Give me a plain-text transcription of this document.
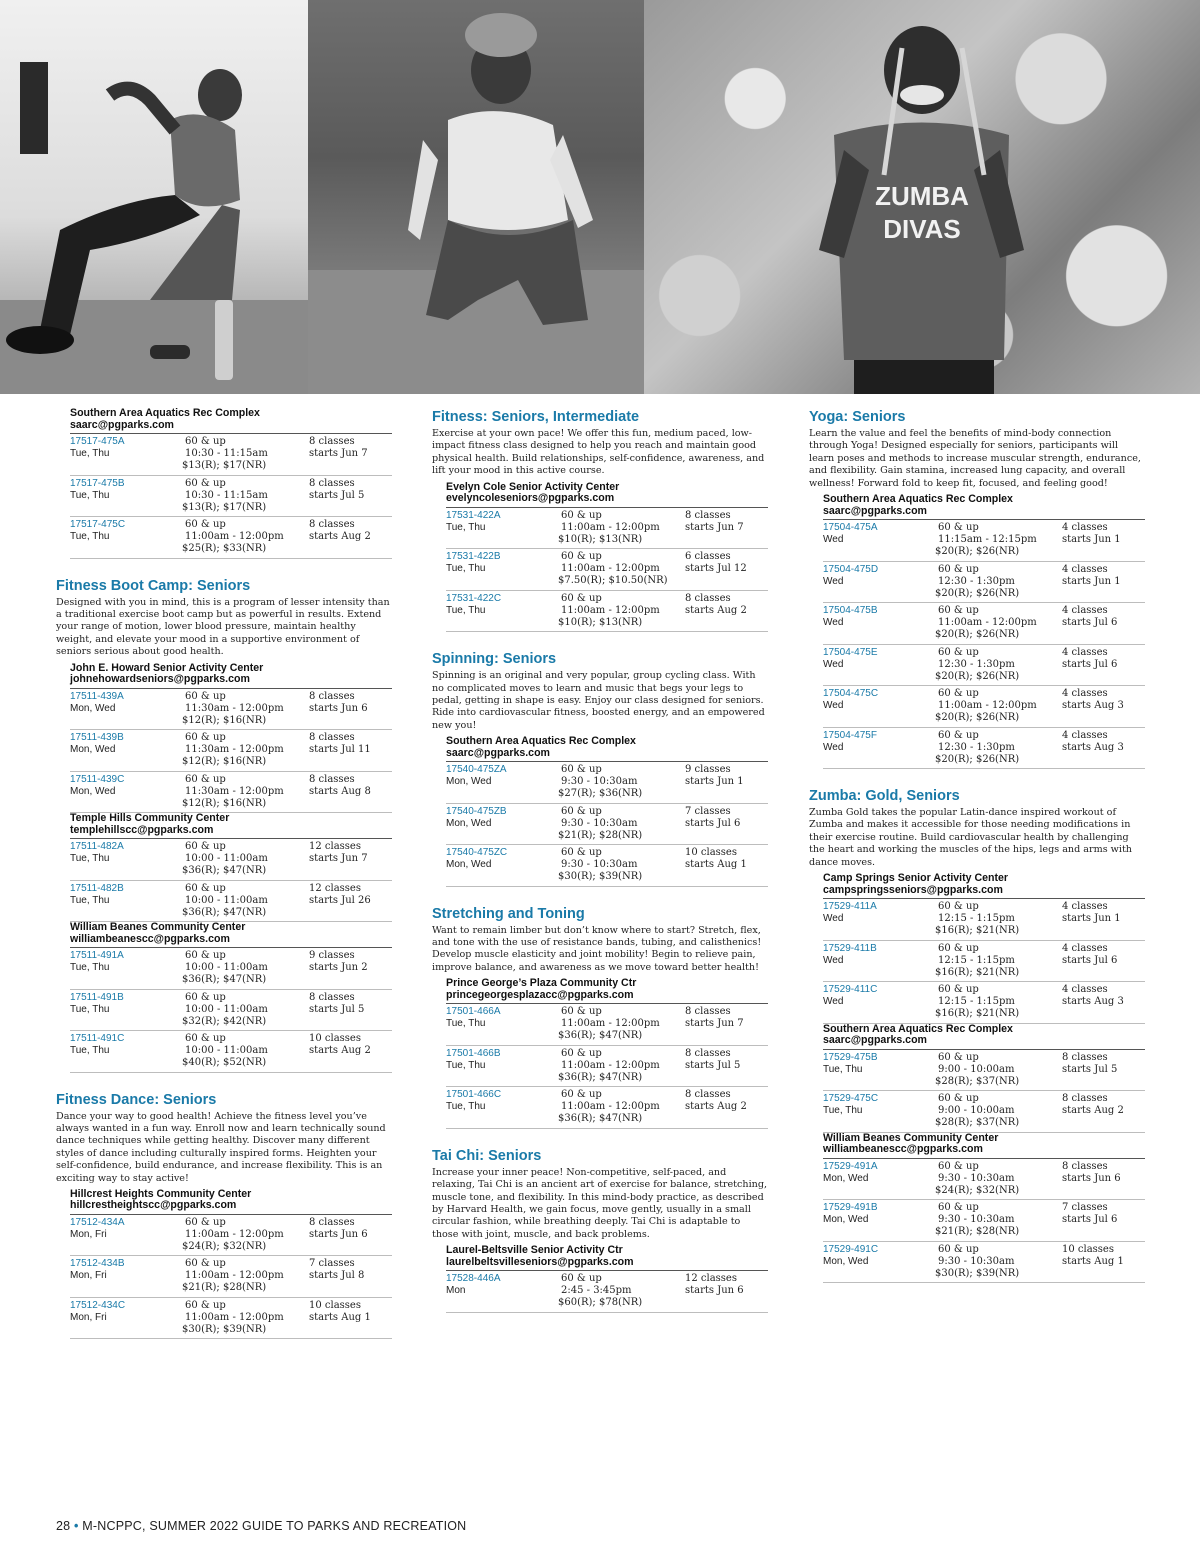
ZUMBA
DIVAS
Southern Area Aquatics Rec Complex
saarc@pgparks.com
17517-475A
Tue, Thu
60 & up
10:30 - 11:15am
$13(R); $17(NR)
8 classes
starts Jun 7
17517-475B
Tue, Thu
60 & up
10:30 - 11:15am
$13(R); $17(NR)
8 classes
starts Jul 5
17517-475C
Tue, Thu
60 & up
11:00am - 12:00pm
$25(R); $33(NR)
8 classes
starts Aug 2
Fitness Boot Camp: Seniors
Designed with you in mind, this is a program of lesser intensity than a traditional exercise boot camp but as powerful in results. Extend your range of motion, lower blood pressure, maintain healthy weight, and elevate your mood in a supportive environment of seniors serious about good health.
John E. Howard Senior Activity Center
johnehowardseniors@pgparks.com
17511-439A
Mon, Wed
60 & up
11:30am - 12:00pm
$12(R); $16(NR)
8 classes
starts Jun 6
17511-439B
Mon, Wed
60 & up
11:30am - 12:00pm
$12(R); $16(NR)
8 classes
starts Jul 11
17511-439C
Mon, Wed
60 & up
11:30am - 12:00pm
$12(R); $16(NR)
8 classes
starts Aug 8
Temple Hills Community Center
templehillscc@pgparks.com
17511-482A
Tue, Thu
60 & up
10:00 - 11:00am
$36(R); $47(NR)
12 classes
starts Jun 7
17511-482B
Tue, Thu
60 & up
10:00 - 11:00am
$36(R); $47(NR)
12 classes
starts Jul 26
William Beanes Community Center
williambeanescc@pgparks.com
17511-491A
Tue, Thu
60 & up
10:00 - 11:00am
$36(R); $47(NR)
9 classes
starts Jun 2
17511-491B
Tue, Thu
60 & up
10:00 - 11:00am
$32(R); $42(NR)
8 classes
starts Jul 5
17511-491C
Tue, Thu
60 & up
10:00 - 11:00am
$40(R); $52(NR)
10 classes
starts Aug 2
Fitness Dance: Seniors
Dance your way to good health! Achieve the fitness level you’ve always wanted in a fun way. Enroll now and learn technically sound dance techniques while getting healthy. Discover many different styles of dance including culturally inspired forms. Heighten your self-confidence, build endurance, and increase flexibility. This is an exciting way to stay active!
Hillcrest Heights Community Center
hillcrestheightscc@pgparks.com
17512-434A
Mon, Fri
60 & up
11:00am - 12:00pm
$24(R); $32(NR)
8 classes
starts Jun 6
17512-434B
Mon, Fri
60 & up
11:00am - 12:00pm
$21(R); $28(NR)
7 classes
starts Jul 8
17512-434C
Mon, Fri
60 & up
11:00am - 12:00pm
$30(R); $39(NR)
10 classes
starts Aug 1
Fitness: Seniors, Intermediate
Exercise at your own pace! We offer this fun, medium paced, low-impact fitness class designed to help you reach and maintain good physical health. Build relationships, self-confidence, awareness, and lift your mood in this active course.
Evelyn Cole Senior Activity Center
evelyncoleseniors@pgparks.com
17531-422A
Tue, Thu
60 & up
11:00am - 12:00pm
$10(R); $13(NR)
8 classes
starts Jun 7
17531-422B
Tue, Thu
60 & up
11:00am - 12:00pm
$7.50(R); $10.50(NR)
6 classes
starts Jul 12
17531-422C
Tue, Thu
60 & up
11:00am - 12:00pm
$10(R); $13(NR)
8 classes
starts Aug 2
Spinning: Seniors
Spinning is an original and very popular, group cycling class. With no complicated moves to learn and music that begs your legs to pedal, getting in shape is easy. Enjoy our class designed for seniors. Ride into cardiovascular fitness, boosted energy, and an empowered new you!
Southern Area Aquatics Rec Complex
saarc@pgparks.com
17540-475ZA
Mon, Wed
60 & up
9:30 - 10:30am
$27(R); $36(NR)
9 classes
starts Jun 1
17540-475ZB
Mon, Wed
60 & up
9:30 - 10:30am
$21(R); $28(NR)
7 classes
starts Jul 6
17540-475ZC
Mon, Wed
60 & up
9:30 - 10:30am
$30(R); $39(NR)
10 classes
starts Aug 1
Stretching and Toning
Want to remain limber but don’t know where to start? Stretch, flex, and tone with the use of resistance bands, tubing, and calisthenics! Develop muscle elasticity and joint mobility! Begin to relieve pain, improve balance, and awareness as we move toward better health!
Prince George’s Plaza Community Ctr
princegeorgesplazacc@pgparks.com
17501-466A
Tue, Thu
60 & up
11:00am - 12:00pm
$36(R); $47(NR)
8 classes
starts Jun 7
17501-466B
Tue, Thu
60 & up
11:00am - 12:00pm
$36(R); $47(NR)
8 classes
starts Jul 5
17501-466C
Tue, Thu
60 & up
11:00am - 12:00pm
$36(R); $47(NR)
8 classes
starts Aug 2
Tai Chi: Seniors
Increase your inner peace! Non-competitive, self-paced, and relaxing, Tai Chi is an ancient art of exercise for balance, stretching, muscle tone, and flexibility. In this mind-body practice, as described by Harvard Health, we gain focus, move gently, usually in a small circular fashion, while breathing deeply. Tai Chi is adaptable to those with joint, muscle, and back problems.
Laurel-Beltsville Senior Activity Ctr
laurelbeltsvilleseniors@pgparks.com
17528-446A
Mon
60 & up
2:45 - 3:45pm
$60(R); $78(NR)
12 classes
starts Jun 6
Yoga: Seniors
Learn the value and feel the benefits of mind-body connection through Yoga! Designed especially for seniors, participants will learn poses and methods to increase muscular strength, endurance, and flexibility. Gain stamina, increased lung capacity, and overall wellness! Forward fold to keep fit, focused, and feeling good!
Southern Area Aquatics Rec Complex
saarc@pgparks.com
17504-475A
Wed
60 & up
11:15am - 12:15pm
$20(R); $26(NR)
4 classes
starts Jun 1
17504-475D
Wed
60 & up
12:30 - 1:30pm
$20(R); $26(NR)
4 classes
starts Jun 1
17504-475B
Wed
60 & up
11:00am - 12:00pm
$20(R); $26(NR)
4 classes
starts Jul 6
17504-475E
Wed
60 & up
12:30 - 1:30pm
$20(R); $26(NR)
4 classes
starts Jul 6
17504-475C
Wed
60 & up
11:00am - 12:00pm
$20(R); $26(NR)
4 classes
starts Aug 3
17504-475F
Wed
60 & up
12:30 - 1:30pm
$20(R); $26(NR)
4 classes
starts Aug 3
Zumba: Gold, Seniors
Zumba Gold takes the popular Latin-dance inspired workout of Zumba and makes it accessible for those needing modifications in their exercise routine. Build cardiovascular health by challenging the heart and working the muscles of the hips, legs and arms with dance moves.
Camp Springs Senior Activity Center
campspringsseniors@pgparks.com
17529-411A
Wed
60 & up
12:15 - 1:15pm
$16(R); $21(NR)
4 classes
starts Jun 1
17529-411B
Wed
60 & up
12:15 - 1:15pm
$16(R); $21(NR)
4 classes
starts Jul 6
17529-411C
Wed
60 & up
12:15 - 1:15pm
$16(R); $21(NR)
4 classes
starts Aug 3
Southern Area Aquatics Rec Complex
saarc@pgparks.com
17529-475B
Tue, Thu
60 & up
9:00 - 10:00am
$28(R); $37(NR)
8 classes
starts Jul 5
17529-475C
Tue, Thu
60 & up
9:00 - 10:00am
$28(R); $37(NR)
8 classes
starts Aug 2
William Beanes Community Center
williambeanescc@pgparks.com
17529-491A
Mon, Wed
60 & up
9:30 - 10:30am
$24(R); $32(NR)
8 classes
starts Jun 6
17529-491B
Mon, Wed
60 & up
9:30 - 10:30am
$21(R); $28(NR)
7 classes
starts Jul 6
17529-491C
Mon, Wed
60 & up
9:30 - 10:30am
$30(R); $39(NR)
10 classes
starts Aug 1
28 • M-NCPPC, SUMMER 2022 GUIDE TO PARKS AND RECREATION
